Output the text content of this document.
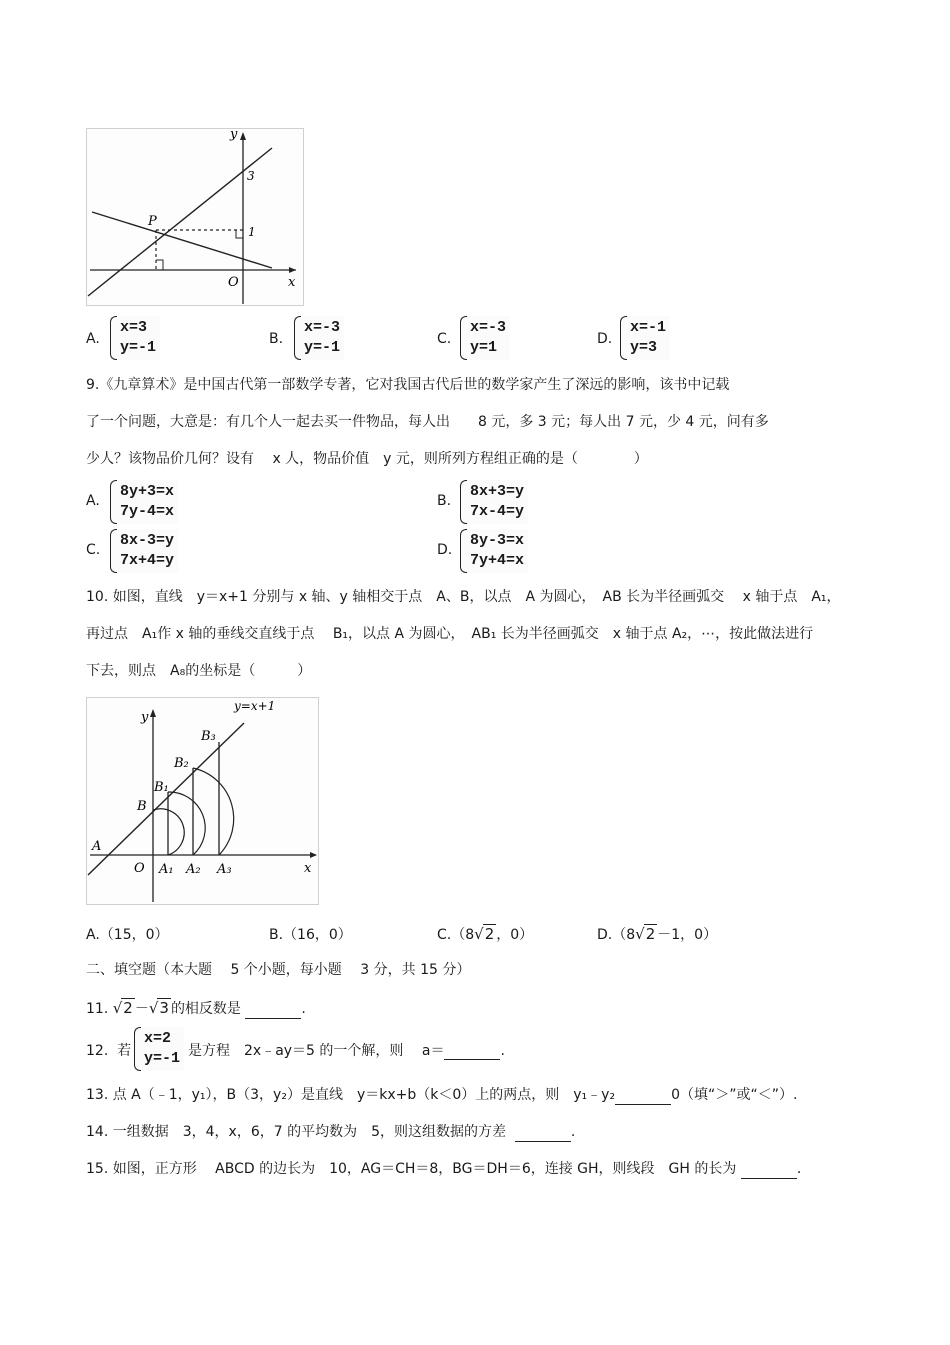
y
x
P
O
3
1
A.
x=3
y=-1	B.
x=-3
y=-1	C.
x=-3
y=1	D.
x=-1
y=3
9.《九章算术》是中国古代第一部数学专著，它对我国古代后世的数学家产生了深远的影响，该书中记载
了一个问题，大意是：有几个人一起去买一件物品，每人出　　8 元，多 3 元；每人出 7 元，少 4 元，问有多
少人？该物品价几何？设有　 x 人，物品价值　y 元，则所列方程组正确的是（　　　　）
A.
8y+3=x
7y-4=x
B.
8x+3=y
7x-4=y
C.
8x-3=y
7x+4=y
D.
8y-3=x
7y+4=x
10. 如图，直线　y＝x+1 分别与 x 轴、y 轴相交于点　A、B，以点　A 为圆心，　AB 长为半径画弧交　 x 轴于点　A₁，
再过点　A₁作 x 轴的垂线交直线于点　 B₁，以点 A 为圆心，　AB₁ 长为半径画弧交　x 轴于点 A₂，⋯，按此做法进行
下去，则点　A₈的坐标是（　　　）
y=x+1
y
x
O
A
B
B₁
B₂
B₃
A₁ A₂ A₃
A.（15，0）	B.（16，0）	C.（8√2 ，0）	D.（8√2 －1，0）
二、填空题（本大题　 5 个小题，每小题　 3 分，共 15 分）
11. √2 －√3 的相反数是	.
12. 若
x=2
y=-1 是方程　2x﹣ay＝5 的一个解，则　 a＝	.
13. 点 A（﹣1，y₁），B（3，y₂）是直线　y＝kx+b（k＜0）上的两点，则　y₁﹣y₂	0（填“＞”或“＜”）.
14. 一组数据　3，4，x，6，7 的平均数为　5，则这组数据的方差	.
15. 如图，正方形　 ABCD 的边长为　10，AG＝CH＝8，BG＝DH＝6，连接 GH，则线段　GH 的长为	.
